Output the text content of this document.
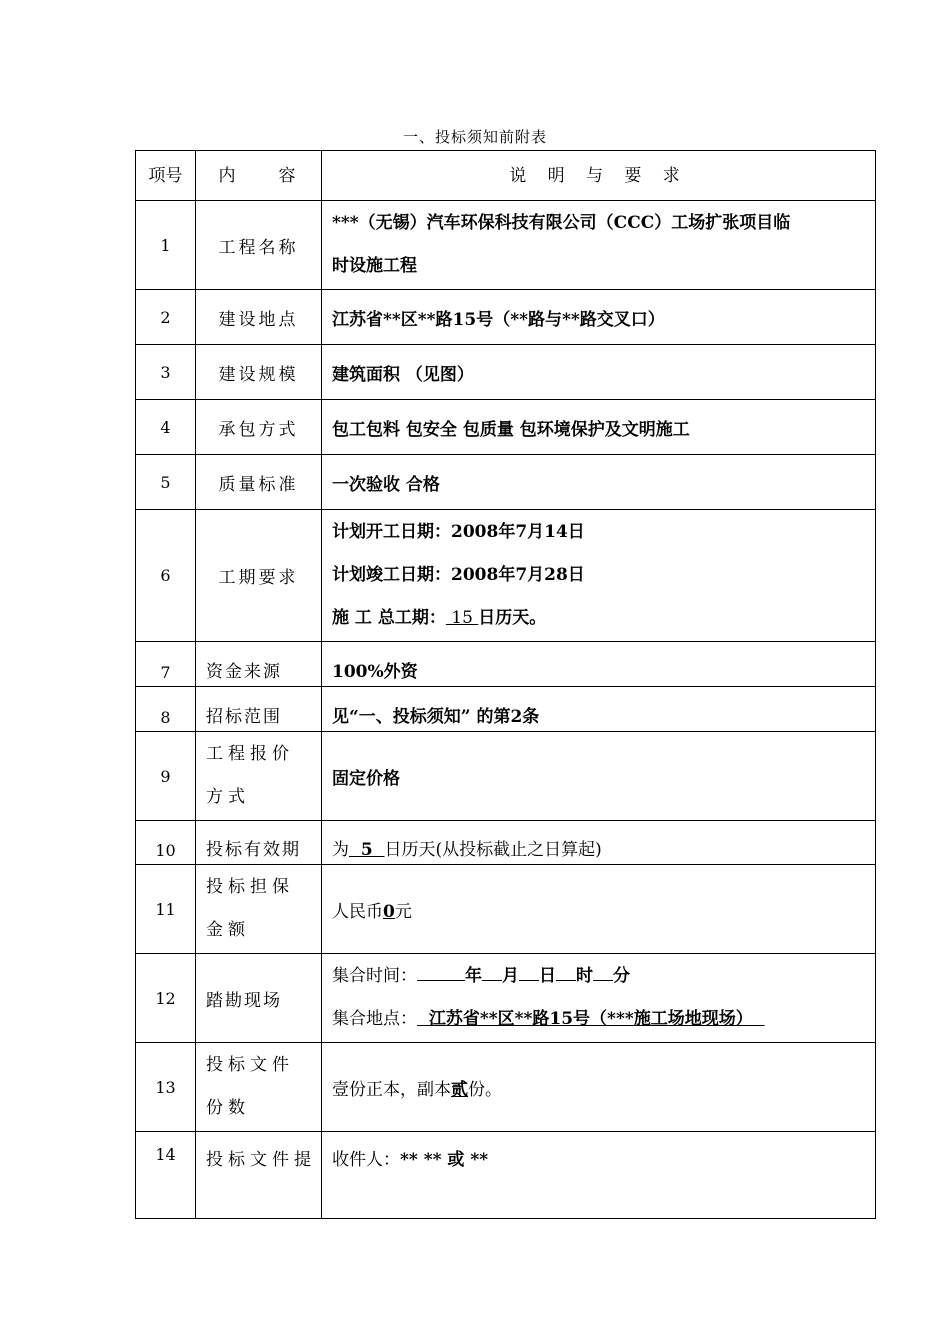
一、投标须知前附表
项号	内　　容	说 明 与 要 求
1	工程名称	***（无锡）汽车环保科技有限公司（CCC）工场扩张项目临
时设施工程

2	建设地点	江苏省**区**路15号（**路与**路交叉口）
3	建设规模	建筑面积 （见图）
4	承包方式	包工包料 包安全 包质量 包环境保护及文明施工
5	质量标准	一次验收 合格
6	工期要求	计划开工日期：2008年7月14日
计划竣工日期：2008年7月28日
施 工 总工期： 15 日历天。

7	资金来源	100%外资
8	招标范围	见“一、投标须知” 的第2条
9	工程报价方式	固定价格
10	投标有效期	为  5  日历天(从投标截止之日算起)
11	投标担保金额	人民币0元
12	踏勘现场	集合时间： 年 月 日 时 分
集合地点：  江苏省**区**路15号（***施工场地现场）

13	投标文件份数	壹份正本，副本贰份。
14	投标文件提	收件人：** ** 或 **
